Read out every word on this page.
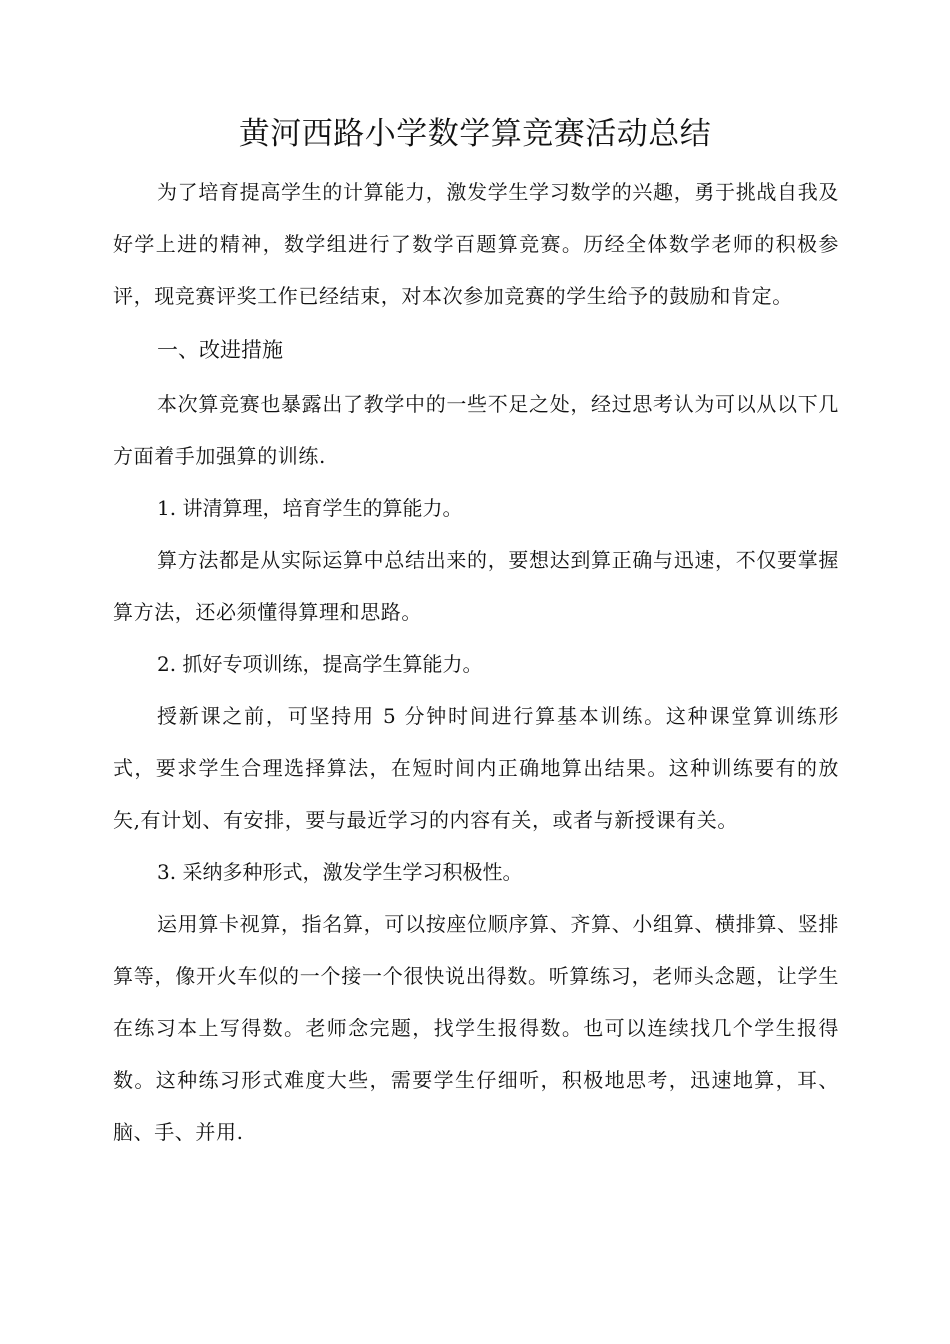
黄河西路小学数学算竞赛活动总结

为了培育提高学生的计算能力，激发学生学习数学的兴趣，勇于挑战自我及好学上进的精神，数学组进行了数学百题算竞赛。历经全体数学老师的积极参评，现竞赛评奖工作已经结束，对本次参加竞赛的学生给予的鼓励和肯定。

一、改进措施

本次算竞赛也暴露出了教学中的一些不足之处，经过思考认为可以从以下几方面着手加强算的训练.

1. 讲清算理，培育学生的算能力。

算方法都是从实际运算中总结出来的，要想达到算正确与迅速，不仅要掌握算方法，还必须懂得算理和思路。

2. 抓好专项训练，提高学生算能力。

授新课之前，可坚持用 5 分钟时间进行算基本训练。这种课堂算训练形式，要求学生合理选择算法，在短时间内正确地算出结果。这种训练要有的放矢,有计划、有安排，要与最近学习的内容有关，或者与新授课有关。

3. 采纳多种形式，激发学生学习积极性。

运用算卡视算，指名算，可以按座位顺序算、齐算、小组算、横排算、竖排算等，像开火车似的一个接一个很快说出得数。听算练习，老师头念题，让学生在练习本上写得数。老师念完题，找学生报得数。也可以连续找几个学生报得数。这种练习形式难度大些，需要学生仔细听，积极地思考，迅速地算，耳、脑、手、并用.
